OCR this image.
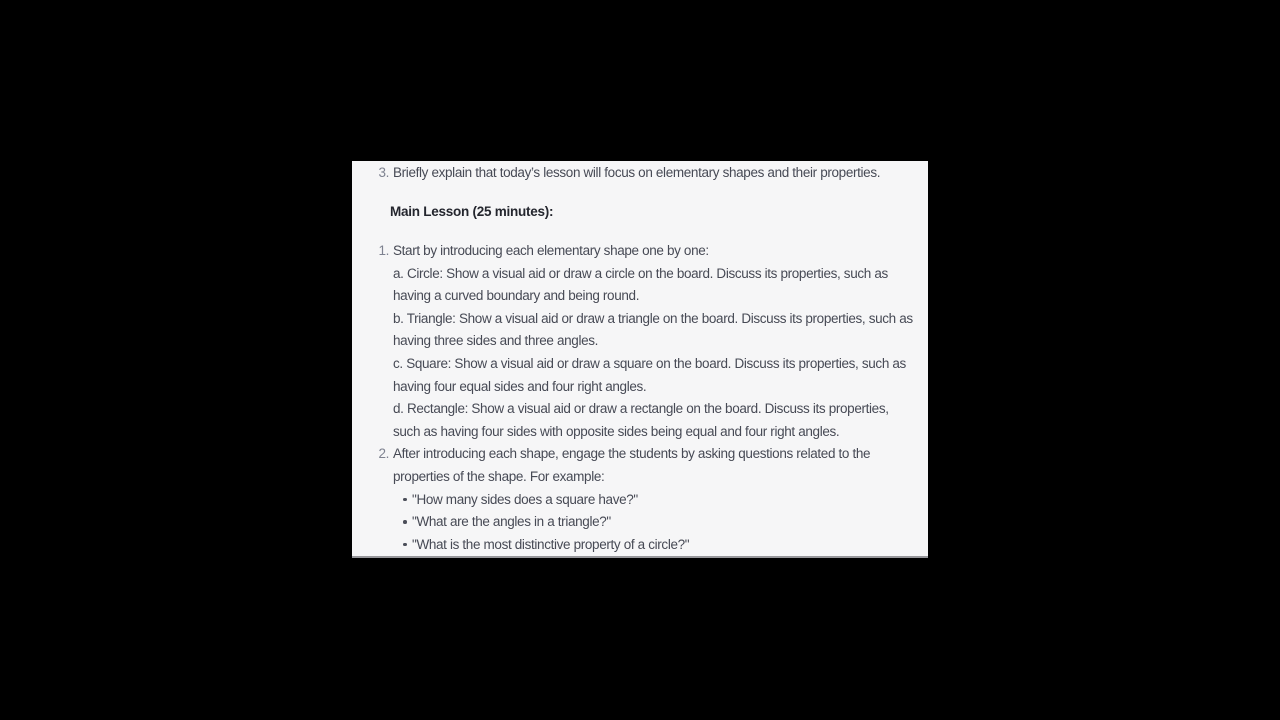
3. Briefly explain that today’s lesson will focus on elementary shapes and their properties.
Main Lesson (25 minutes):
1. Start by introducing each elementary shape one by one:
a. Circle: Show a visual aid or draw a circle on the board. Discuss its properties, such as
having a curved boundary and being round.
b. Triangle: Show a visual aid or draw a triangle on the board. Discuss its properties, such as
having three sides and three angles.
c. Square: Show a visual aid or draw a square on the board. Discuss its properties, such as
having four equal sides and four right angles.
d. Rectangle: Show a visual aid or draw a rectangle on the board. Discuss its properties,
such as having four sides with opposite sides being equal and four right angles.
2. After introducing each shape, engage the students by asking questions related to the
properties of the shape. For example:
"How many sides does a square have?"
"What are the angles in a triangle?"
"What is the most distinctive property of a circle?"
